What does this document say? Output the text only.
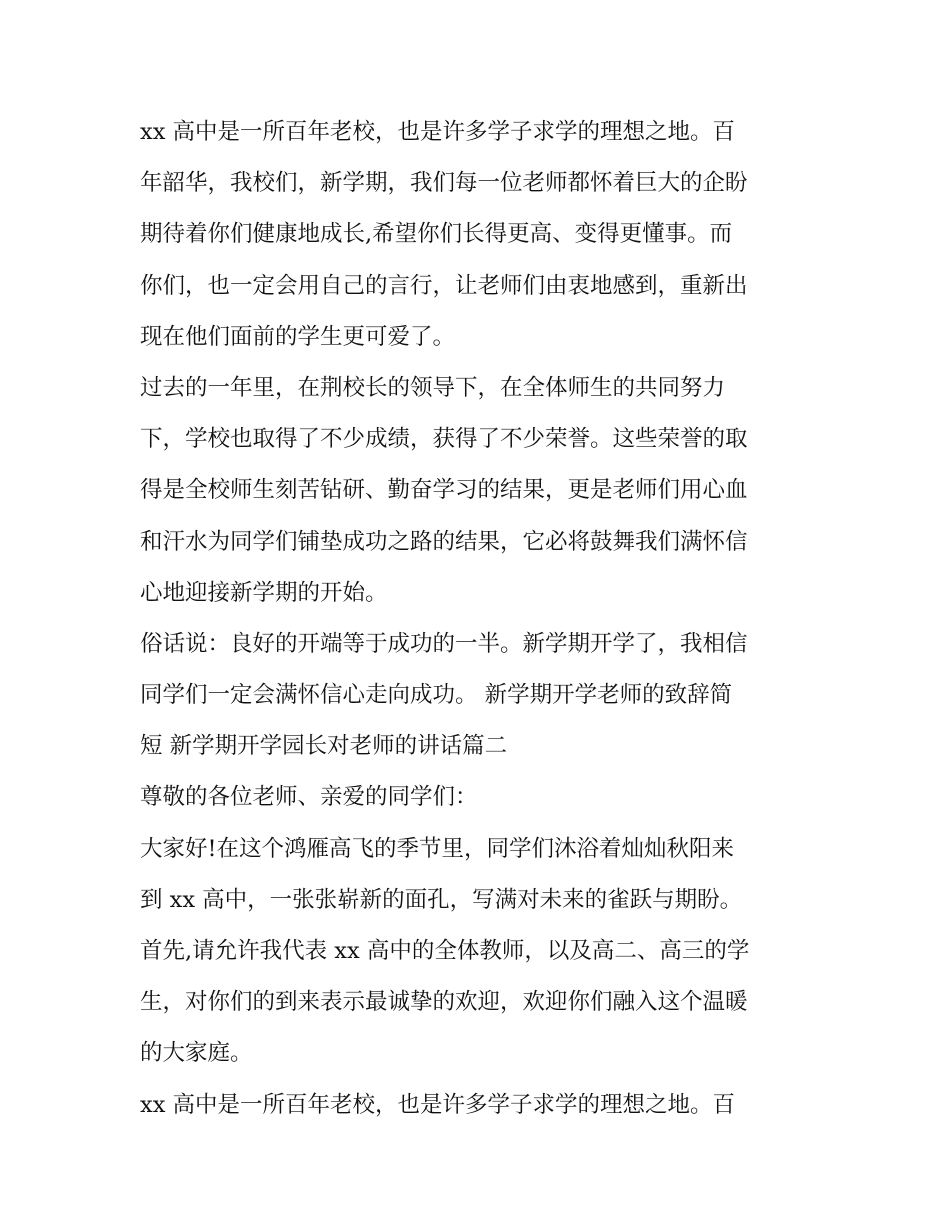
xx 高中是一所百年老校，也是许多学子求学的理想之地。百
年韶华，我校们，新学期，我们每一位老师都怀着巨大的企盼
期待着你们健康地成长,希望你们长得更高、变得更懂事。而
你们，也一定会用自己的言行，让老师们由衷地感到，重新出
现在他们面前的学生更可爱了。
过去的一年里，在荆校长的领导下，在全体师生的共同努力
下，学校也取得了不少成绩，获得了不少荣誉。这些荣誉的取
得是全校师生刻苦钻研、勤奋学习的结果，更是老师们用心血
和汗水为同学们铺垫成功之路的结果，它必将鼓舞我们满怀信
心地迎接新学期的开始。
俗话说：良好的开端等于成功的一半。新学期开学了，我相信
同学们一定会满怀信心走向成功。 新学期开学老师的致辞简
短 新学期开学园长对老师的讲话篇二
尊敬的各位老师、亲爱的同学们：
大家好!在这个鸿雁高飞的季节里，同学们沐浴着灿灿秋阳来
到 xx 高中，一张张崭新的面孔，写满对未来的雀跃与期盼。
首先,请允许我代表 xx 高中的全体教师，以及高二、高三的学
生，对你们的到来表示最诚挚的欢迎，欢迎你们融入这个温暖
的大家庭。
xx 高中是一所百年老校，也是许多学子求学的理想之地。百
